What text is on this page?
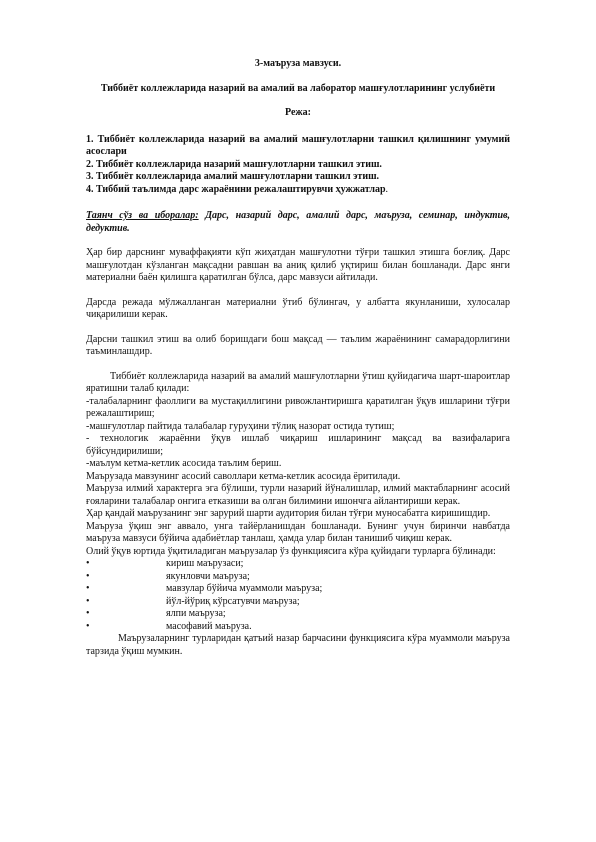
3-маъруза мавзуси.
Тиббиёт коллежларида назарий ва амалий ва лаборатор машғулотларининг услубиёти
Режа:
1. Тиббиёт коллежларида назарий ва амалий машғулотларни ташкил қилишнинг умумий асослари
2. Тиббиёт коллежларида назарий машғулотларни ташкил этиш.
3. Тиббиёт коллежларида амалий машғулотларни ташкил этиш.
4. Тиббий таълимда дарс жараёнини режалаштирувчи ҳужжатлар.
Таянч сўз ва иборалар: Дарс, назарий дарс, амалий дарс, маъруза, семинар, индуктив, дедуктив.

Ҳар бир дарснинг муваффақияти кўп жиҳатдан машғулотни тўғри ташкил этишга боғлиқ. Дарс машғулотдан кўзланган мақсадни равшан ва аниқ қилиб уқтириш билан бошланади. Дарс янги материални баён қилишга қаратилган бўлса, дарс мавзуси айтилади.

Дарсда режада мўлжалланган материални ўтиб бўлингач, у албатта якунланиши, хулосалар чиқарилиши керак.

Дарсни ташкил этиш ва олиб боришдаги бош мақсад — таълим жараёнининг самарадорлигини таъминлашдир.

Тиббиёт коллежларида назарий ва амалий машғулотларни ўтиш қуйидагича шарт-шароитлар яратишни талаб қилади:

-талабаларнинг фаоллиги ва мустақиллигини ривожлантиришга қаратилган ўқув ишларини тўғри режалаштириш;

-машғулотлар пайтида талабалар гуруҳини тўлиқ назорат остида тутиш;

- технологик жараённи ўқув ишлаб чиқариш ишларининг мақсад ва вазифаларига бўйсундирилиши;

-маълум кетма-кетлик асосида таълим бериш.

Маърузада мавзунинг асосий саволлари кетма-кетлик асосида ёритилади.

Маъруза илмий характерга эга бўлиши, турли назарий йўналишлар, илмий мактабларнинг асосий ғояларини талабалар онгига етказиши ва олган билимини ишончга айлантириши керак.

Ҳар қандай маърузанинг энг зарурий шарти аудитория билан тўғри муносабатга киришишдир.

Маъруза ўқиш энг аввало, унга тайёрланишдан бошланади. Бунинг учун биринчи навбатда маъруза мавзуси бўйича адабиётлар танлаш, ҳамда улар билан танишиб чиқиш керак.

Олий ўқув юртида ўқитиладиган маърузалар ўз функциясига кўра қуйидаги турларга бўлинади:

•	кириш маърузаси;
•	якунловчи маъруза;
•	мавзулар бўйича муаммоли маъруза;
•	йўл-йўриқ кўрсатувчи маъруза;
•	ялпи маъруза;
•	масофавий маъруза.

Маърузаларнинг турларидан қатъий назар барчасини функциясига кўра муаммоли маъруза тарзида ўқиш мумкин.
